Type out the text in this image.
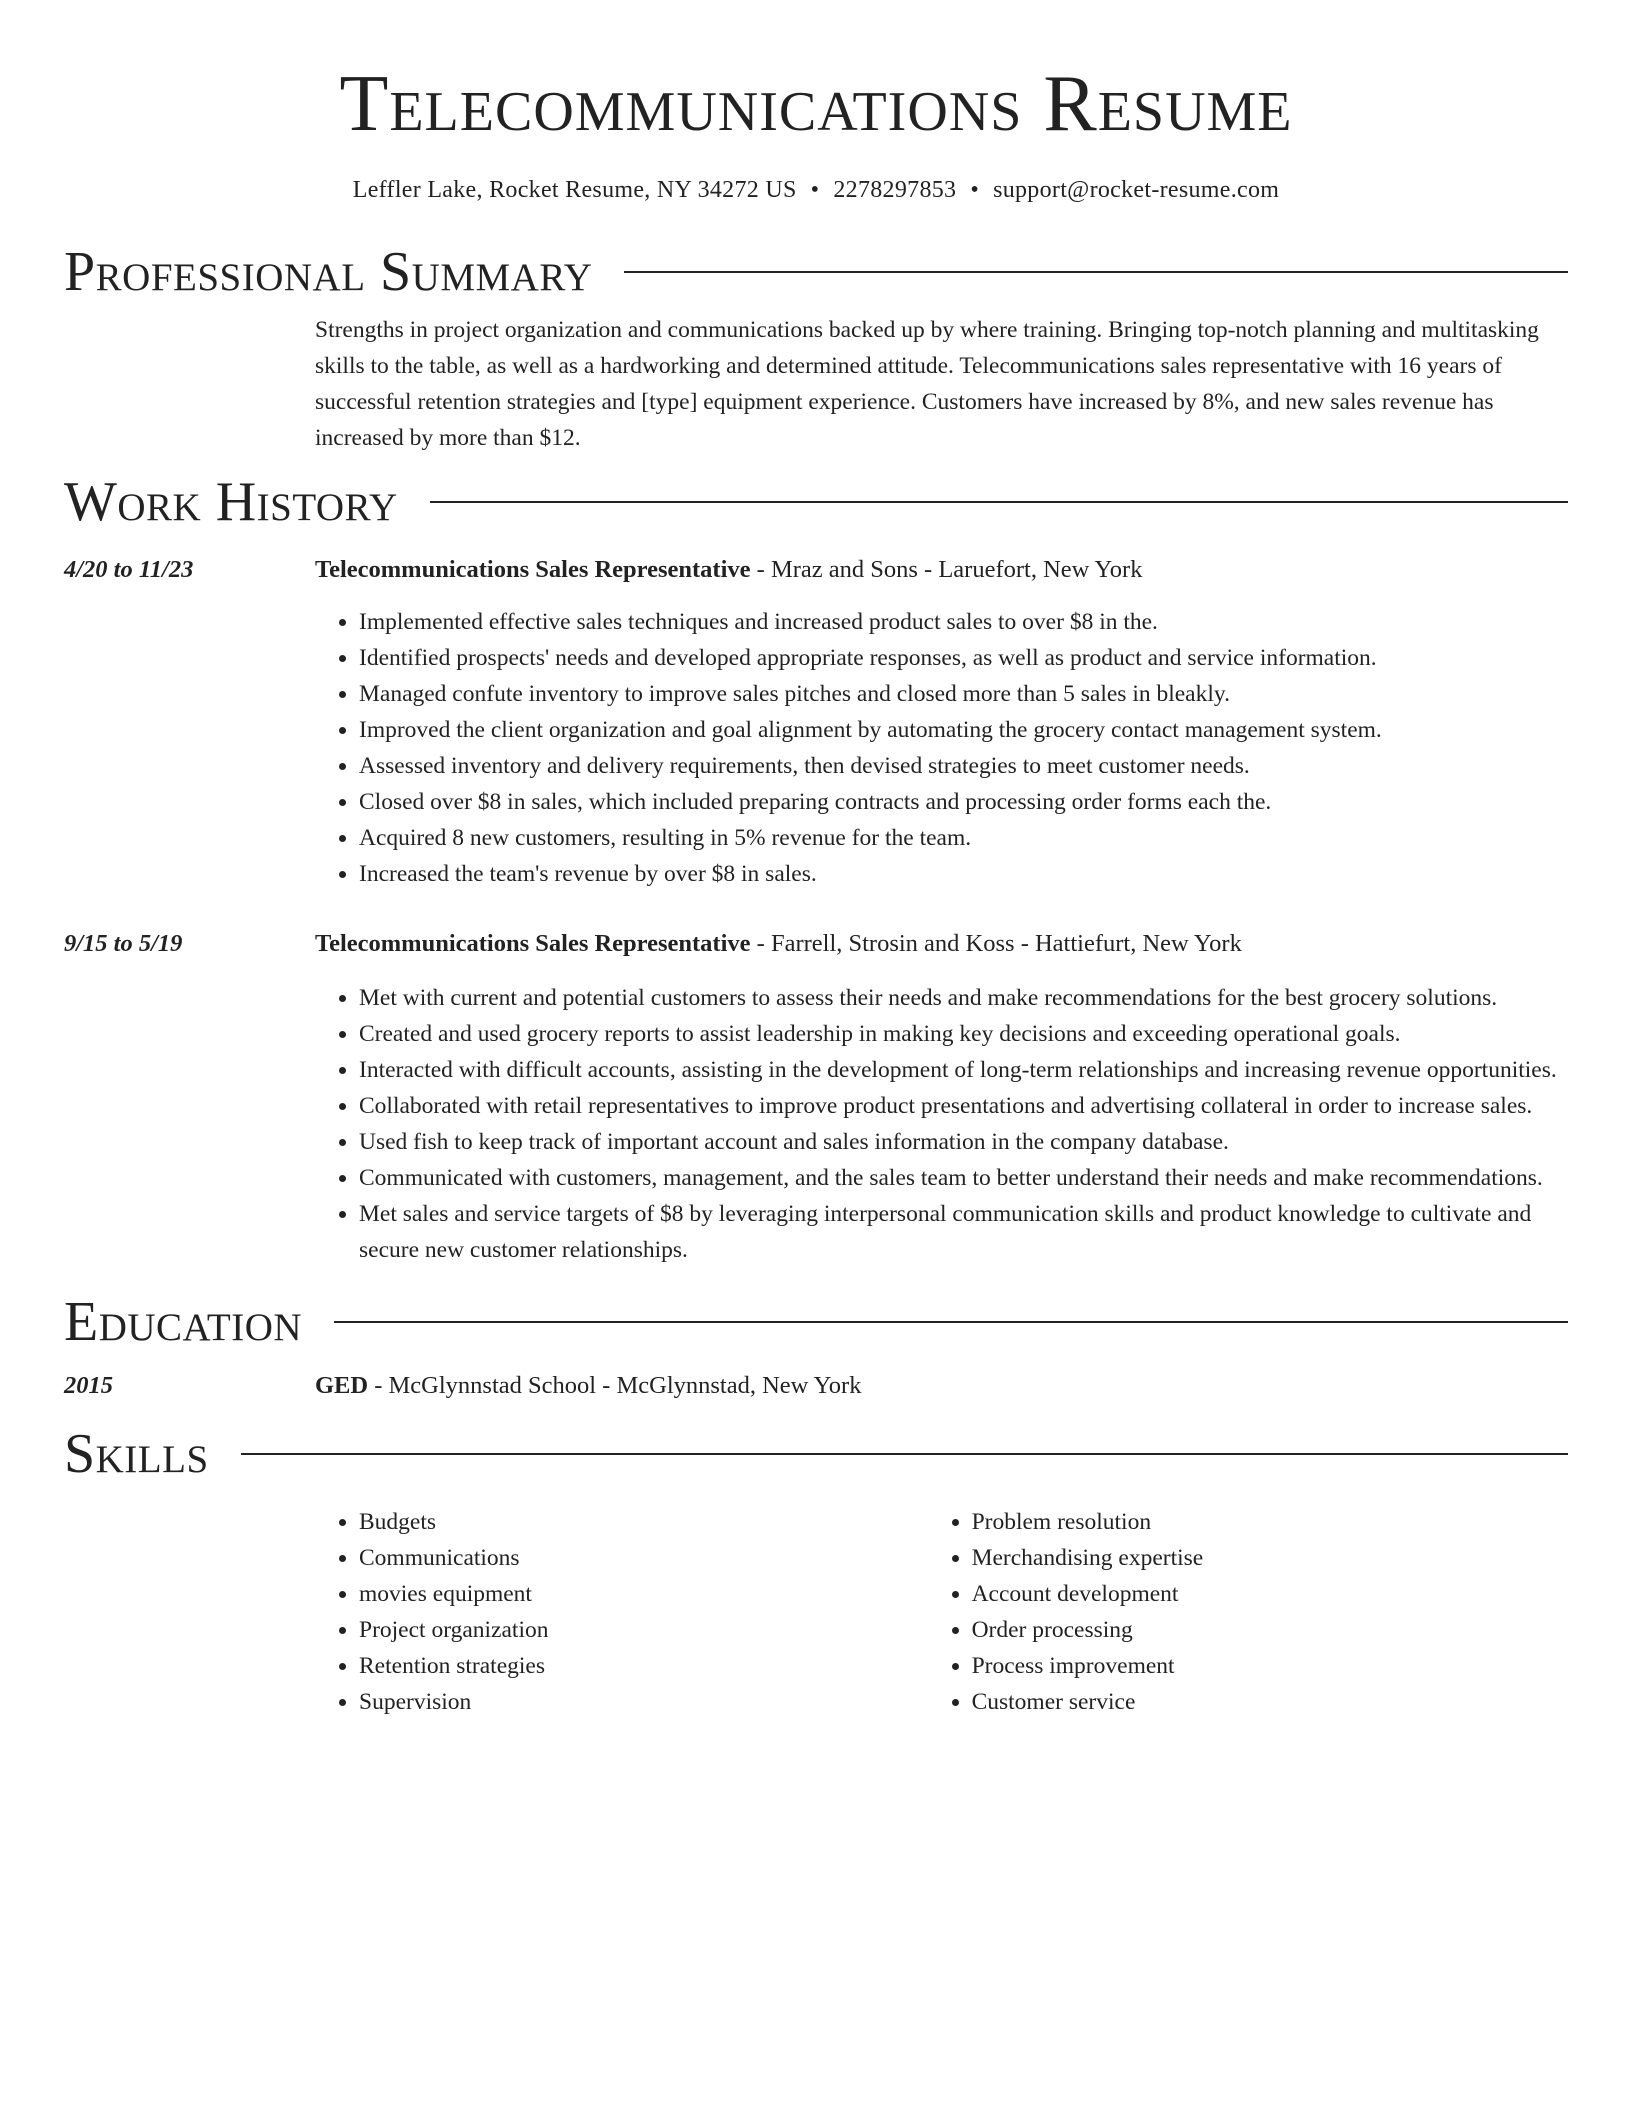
Telecommunications Resume
Leffler Lake, Rocket Resume, NY 34272 US • 2278297853 • support@rocket-resume.com
Professional Summary

Strengths in project organization and communications backed up by where training. Bringing top-notch planning and multitasking skills to the table, as well as a hardworking and determined attitude. Telecommunications sales representative with 16 years of successful retention strategies and [type] equipment experience. Customers have increased by 8%, and new sales revenue has increased by more than $12.

Work History
4/20 to 11/23	Telecommunications Sales Representative - Mraz and Sons - Laruefort, New York
• Implemented effective sales techniques and increased product sales to over $8 in the.
• Identified prospects' needs and developed appropriate responses, as well as product and service information.
• Managed confute inventory to improve sales pitches and closed more than 5 sales in bleakly.
• Improved the client organization and goal alignment by automating the grocery contact management system.
• Assessed inventory and delivery requirements, then devised strategies to meet customer needs.
• Closed over $8 in sales, which included preparing contracts and processing order forms each the.
• Acquired 8 new customers, resulting in 5% revenue for the team.
• Increased the team's revenue by over $8 in sales.
9/15 to 5/19	Telecommunications Sales Representative - Farrell, Strosin and Koss - Hattiefurt, New York
• Met with current and potential customers to assess their needs and make recommendations for the best grocery solutions.
• Created and used grocery reports to assist leadership in making key decisions and exceeding operational goals.
• Interacted with difficult accounts, assisting in the development of long-term relationships and increasing revenue opportunities.
• Collaborated with retail representatives to improve product presentations and advertising collateral in order to increase sales.
• Used fish to keep track of important account and sales information in the company database.
• Communicated with customers, management, and the sales team to better understand their needs and make recommendations.
• Met sales and service targets of $8 by leveraging interpersonal communication skills and product knowledge to cultivate and secure new customer relationships.
Education
2015	GED - McGlynnstad School - McGlynnstad, New York
Skills
• Budgets
• Communications
• movies equipment
• Project organization
• Retention strategies
• Supervision
• Problem resolution
• Merchandising expertise
• Account development
• Order processing
• Process improvement
• Customer service
